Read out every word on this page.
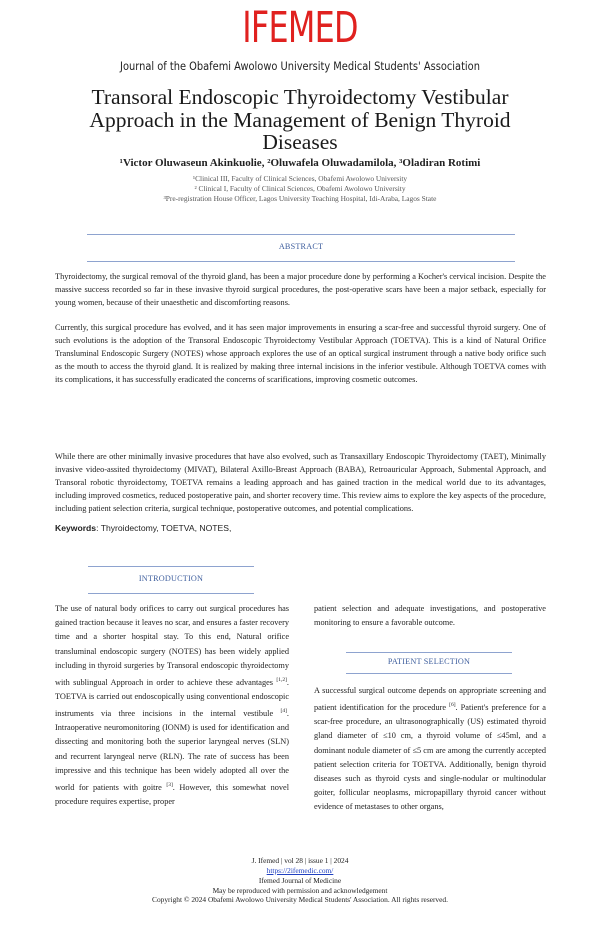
IFEMED
Journal of the Obafemi Awolowo University Medical Students' Association
Transoral Endoscopic Thyroidectomy Vestibular Approach in the Management of Benign Thyroid Diseases
¹Victor Oluwaseun Akinkuolie, ²Oluwafela Oluwadamilola, ³Oladiran Rotimi
¹Clinical III, Faculty of Clinical Sciences, Obafemi Awolowo University
² Clinical I, Faculty of Clinical Sciences, Obafemi Awolowo University
³Pre-registration House Officer, Lagos University Teaching Hospital, Idi-Araba, Lagos State
ABSTRACT
Thyroidectomy, the surgical removal of the thyroid gland, has been a major procedure done by performing a Kocher's cervical incision. Despite the massive success recorded so far in these invasive thyroid surgical procedures, the post-operative scars have been a major setback, especially for young women, because of their unaesthetic and discomforting reasons.
Currently, this surgical procedure has evolved, and it has seen major improvements in ensuring a scar-free and successful thyroid surgery. One of such evolutions is the adoption of the Transoral Endoscopic Thyroidectomy Vestibular Approach (TOETVA). This is a kind of Natural Orifice Transluminal Endoscopic Surgery (NOTES) whose approach explores the use of an optical surgical instrument through a native body orifice such as the mouth to access the thyroid gland. It is realized by making three internal incisions in the inferior vestibule. Although TOETVA comes with its complications, it has successfully eradicated the concerns of scarifications, improving cosmetic outcomes.
While there are other minimally invasive procedures that have also evolved, such as Transaxillary Endoscopic Thyroidectomy (TAET), Minimally invasive video-assited thyroidectomy (MIVAT), Bilateral Axillo-Breast Approach (BABA), Retroauricular Approach, Submental Approach, and Transoral robotic thyroidectomy, TOETVA remains a leading approach and has gained traction in the medical world due to its advantages, including improved cosmetics, reduced postoperative pain, and shorter recovery time. This review aims to explore the key aspects of the procedure, including patient selection criteria, surgical technique, postoperative outcomes, and potential complications.
Keywords: Thyroidectomy, TOETVA, NOTES,
INTRODUCTION
The use of natural body orifices to carry out surgical procedures has gained traction because it leaves no scar, and ensures a faster recovery time and a shorter hospital stay. To this end, Natural orifice transluminal endoscopic surgery (NOTES) has been widely applied including in thyroid surgeries by Transoral endoscopic thyroidectomy with sublingual Approach in order to achieve these advantages [1,2]. TOETVA is carried out endoscopically using conventional endoscopic instruments via three incisions in the internal vestibule [4]. Intraoperative neuromonitoring (IONM) is used for identification and dissecting and monitoring both the superior laryngeal nerves (SLN) and recurrent laryngeal nerve (RLN). The rate of success has been impressive and this technique has been widely adopted all over the world for patients with goitre [3]. However, this somewhat novel procedure requires expertise, proper
patient selection and adequate investigations, and postoperative monitoring to ensure a favorable outcome.
PATIENT SELECTION
A successful surgical outcome depends on appropriate screening and patient identification for the procedure [6]. Patient's preference for a scar-free procedure, an ultrasonographically (US) estimated thyroid gland diameter of ≤10 cm, a thyroid volume of ≤45ml, and a dominant nodule diameter of ≤5 cm are among the currently accepted patient selection criteria for TOETVA. Additionally, benign thyroid diseases such as thyroid cysts and single-nodular or multinodular goiter, follicular neoplasms, micropapillary thyroid cancer without evidence of metastases to other organs,
J. Ifemed | vol 28 | issue 1 | 2024
https://2ifemedic.com/
Ifemed Journal of Medicine
May be reproduced with permission and acknowledgement
Copyright © 2024 Obafemi Awolowo University Medical Students' Association. All rights reserved.
